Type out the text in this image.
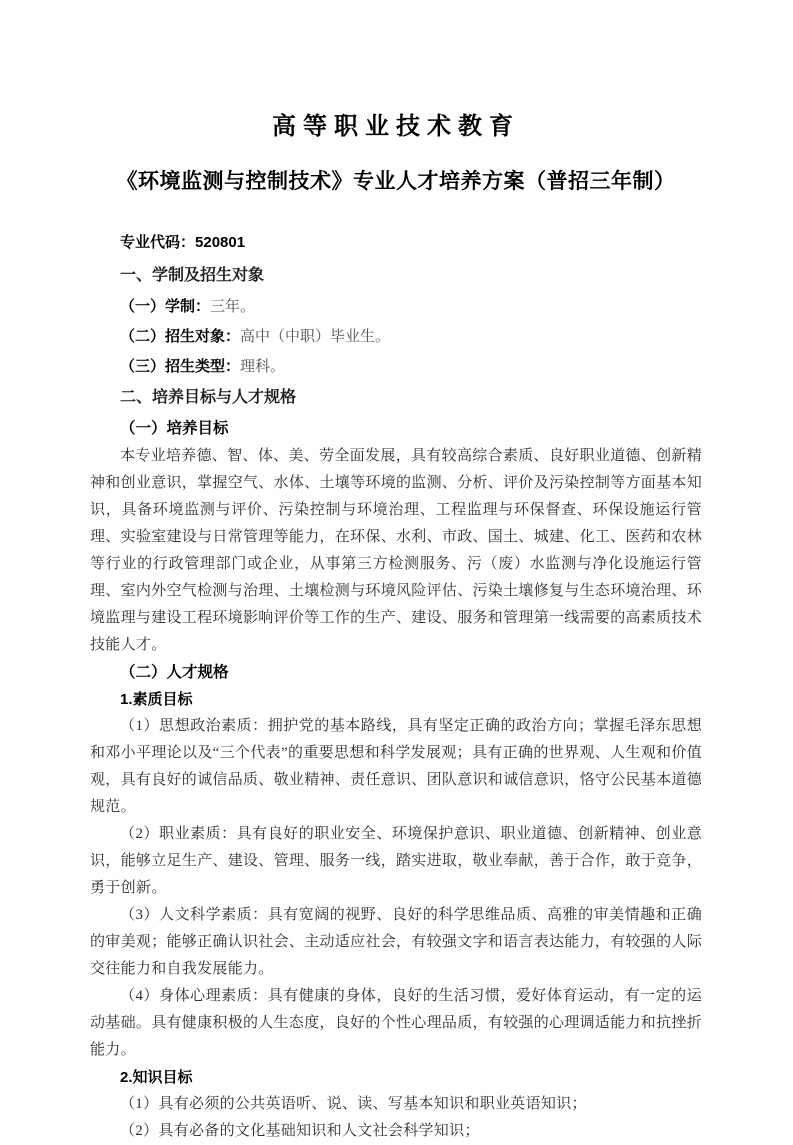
高等职业技术教育
《环境监测与控制技术》专业人才培养方案（普招三年制）
专业代码：520801
一、学制及招生对象
（一）学制：三年。
（二）招生对象：高中（中职）毕业生。
（三）招生类型：理科。
二、培养目标与人才规格
（一）培养目标
本专业培养德、智、体、美、劳全面发展，具有较高综合素质、良好职业道德、创新精神和创业意识，掌握空气、水体、土壤等环境的监测、分析、评价及污染控制等方面基本知识，具备环境监测与评价、污染控制与环境治理、工程监理与环保督查、环保设施运行管理、实验室建设与日常管理等能力，在环保、水利、市政、国土、城建、化工、医药和农林等行业的行政管理部门或企业，从事第三方检测服务、污（废）水监测与净化设施运行管理、室内外空气检测与治理、土壤检测与环境风险评估、污染土壤修复与生态环境治理、环境监理与建设工程环境影响评价等工作的生产、建设、服务和管理第一线需要的高素质技术技能人才。
（二）人才规格
1.素质目标
（1）思想政治素质：拥护党的基本路线，具有坚定正确的政治方向；掌握毛泽东思想和邓小平理论以及“三个代表”的重要思想和科学发展观；具有正确的世界观、人生观和价值观，具有良好的诚信品质、敬业精神、责任意识、团队意识和诚信意识，恪守公民基本道德规范。
（2）职业素质：具有良好的职业安全、环境保护意识、职业道德、创新精神、创业意识，能够立足生产、建设、管理、服务一线，踏实进取，敬业奉献，善于合作，敢于竞争，勇于创新。
（3）人文科学素质：具有宽阔的视野、良好的科学思维品质、高雅的审美情趣和正确的审美观；能够正确认识社会、主动适应社会，有较强文字和语言表达能力，有较强的人际交往能力和自我发展能力。
（4）身体心理素质：具有健康的身体，良好的生活习惯，爱好体育运动，有一定的运动基础。具有健康积极的人生态度，良好的个性心理品质，有较强的心理调适能力和抗挫折能力。
2.知识目标
（1）具有必须的公共英语听、说、读、写基本知识和职业英语知识；
（2）具有必备的文化基础知识和人文社会科学知识；
